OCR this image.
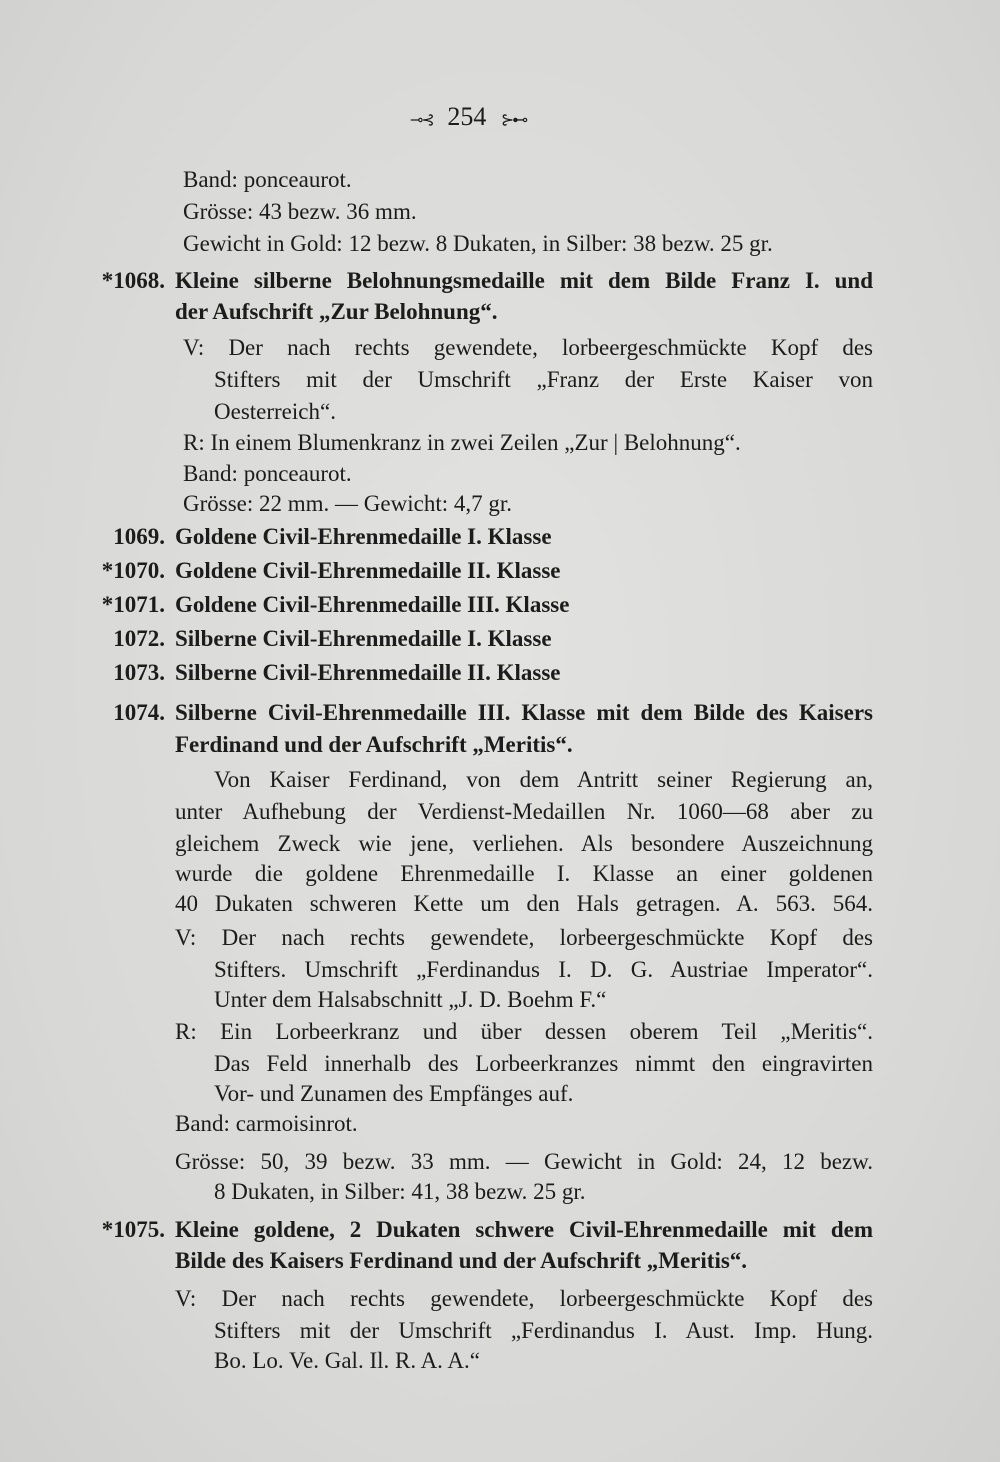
⊸⊰ 254 ⊱⊷
Band: ponceaurot.
Grösse: 43 bezw. 36 mm.
Gewicht in Gold: 12 bezw. 8 Dukaten, in Silber: 38 bezw. 25 gr.
*1068. Kleine silberne Belohnungsmedaille mit dem Bilde Franz I. und
der Aufschrift „Zur Belohnung“.
V: Der nach rechts gewendete, lorbeergeschmückte Kopf des
Stifters mit der Umschrift „Franz der Erste Kaiser von
Oesterreich“.
R: In einem Blumenkranz in zwei Zeilen „Zur | Belohnung“.
Band: ponceaurot.
Grösse: 22 mm. — Gewicht: 4,7 gr.
1069. Goldene Civil-Ehrenmedaille I. Klasse
*1070. Goldene Civil-Ehrenmedaille II. Klasse
*1071. Goldene Civil-Ehrenmedaille III. Klasse
1072. Silberne Civil-Ehrenmedaille I. Klasse
1073. Silberne Civil-Ehrenmedaille II. Klasse
1074. Silberne Civil-Ehrenmedaille III. Klasse mit dem Bilde des Kaisers
Ferdinand und der Aufschrift „Meritis“.
Von Kaiser Ferdinand, von dem Antritt seiner Regierung an,
unter Aufhebung der Verdienst-Medaillen Nr. 1060—68 aber zu
gleichem Zweck wie jene, verliehen. Als besondere Auszeichnung
wurde die goldene Ehrenmedaille I. Klasse an einer goldenen
40 Dukaten schweren Kette um den Hals getragen. A. 563. 564.
V: Der nach rechts gewendete, lorbeergeschmückte Kopf des
Stifters. Umschrift „Ferdinandus I. D. G. Austriae Imperator“.
Unter dem Halsabschnitt „J. D. Boehm F.“
R: Ein Lorbeerkranz und über dessen oberem Teil „Meritis“.
Das Feld innerhalb des Lorbeerkranzes nimmt den eingravirten
Vor- und Zunamen des Empfänges auf.
Band: carmoisinrot.
Grösse: 50, 39 bezw. 33 mm. — Gewicht in Gold: 24, 12 bezw.
8 Dukaten, in Silber: 41, 38 bezw. 25 gr.
*1075. Kleine goldene, 2 Dukaten schwere Civil-Ehrenmedaille mit dem
Bilde des Kaisers Ferdinand und der Aufschrift „Meritis“.
V: Der nach rechts gewendete, lorbeergeschmückte Kopf des
Stifters mit der Umschrift „Ferdinandus I. Aust. Imp. Hung.
Bo. Lo. Ve. Gal. Il. R. A. A.“
